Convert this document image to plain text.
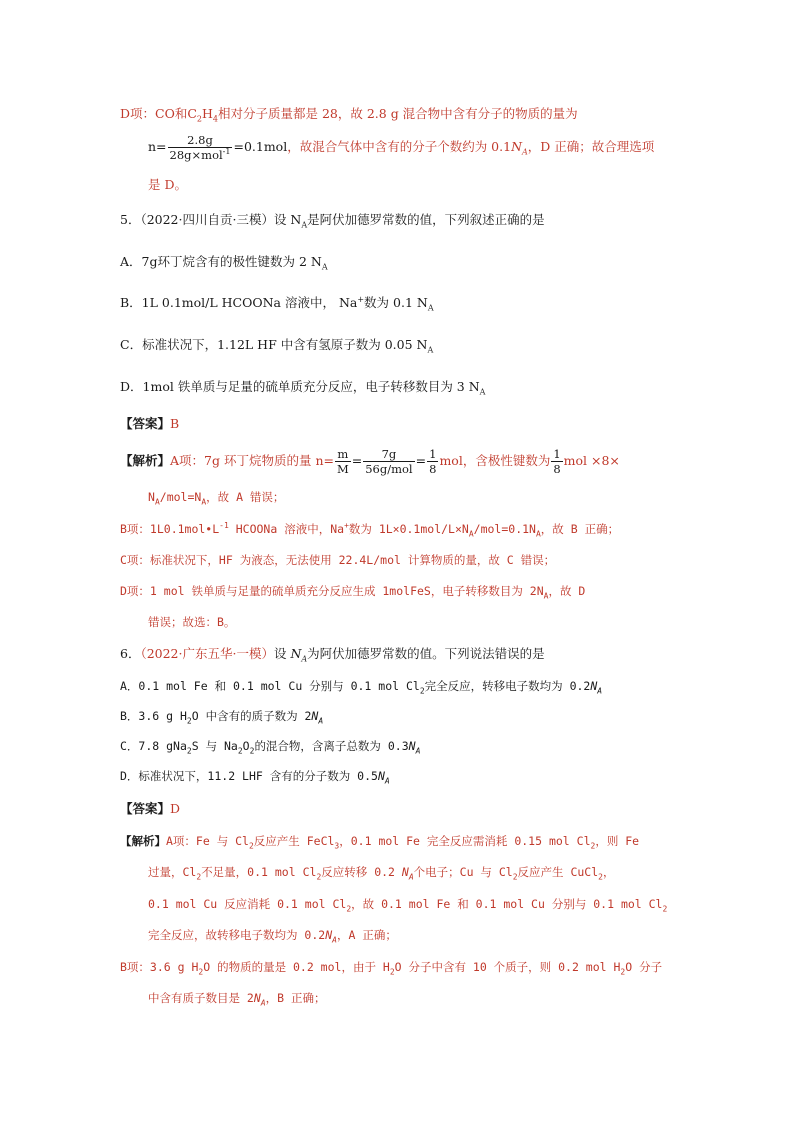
D项：CO和$C_2H_4$相对分子质量都是 28，故 2.8 g 混合物中含有分子的物质的量为
$n= \frac{2.8g}{28g\times mol^{-1}} =0.1mol$，故混合气体中含有的分子个数约为 $0.1N_A$，D 正确；故合理选项
是 D。
5．（2022·四川自贡·三模）设 $N_A$是阿伏加德罗常数的值，下列叙述正确的是
A．7g环丁烷含有的极性键数为 2 $N_A$
B．1L 0.1mol/L HCOONa 溶液中， Na+数为 0.1 $N_A$
C．标准状况下，1.12L HF 中含有氢原子数为 0.05 $N_A$
D．1mol 铁单质与足量的硫单质充分反应，电子转移数目为 3 $N_A$
【答案】B
【解析】A项：7g 环丁烷物质的量 $n= \frac{m}{M} = \frac{7g}{\text{56g/mol}} = \frac{1}{8}$ mol，含极性键数为 $\frac{1}{8}$ mol ×8×
$N_A/mol=N_A$，故 A 错误；
B项：$1L0.1mol•L^{-1}$ HCOONa 溶液中，Na+数为 $1L\times 0.1mol/L\times N_A/mol=0.1N_A$，故 B 正确；
C项：标准状况下，HF 为液态，无法使用 22.4L/mol 计算物质的量，故 C 错误；
D项：1 mol 铁单质与足量的硫单质充分反应生成 1molFeS，电子转移数目为 $2N_A$，故 D
错误；故选：B。
6．（2022·广东五华·一模）设 $N_A$为阿伏加德罗常数的值。下列说法错误的是
A．0.1 mol Fe 和 0.1 mol Cu 分别与 0.1 mol $Cl_2$完全反应，转移电子数均为 $0.2N_A$
B．3.6 g $H_2O$ 中含有的质子数为 $2N_A$
C．7.8 gNa$_2$S 与 $Na_2O_2$的混合物，含离子总数为 $0.3N_A$
D．标准状况下，11.2 LHF 含有的分子数为 $0.5N_A$
【答案】D
【解析】A项：Fe 与 $Cl_2$反应产生 FeCl$_3$，0.1 mol Fe 完全反应需消耗 0.15 mol $Cl_2$，则 Fe
过量，$Cl_2$不足量，0.1 mol $Cl_2$反应转移 0.2 $N_A$个电子；Cu 与 $Cl_2$反应产生 CuCl$_2$，
0.1 mol Cu 反应消耗 0.1 mol $Cl_2$，故 0.1 mol Fe 和 0.1 mol Cu 分别与 0.1 mol $Cl_2$
完全反应，故转移电子数均为 $0.2N_A$，A 正确；
B项：3.6 g $H_2O$ 的物质的量是 0.2 mol，由于 $H_2O$ 分子中含有 10 个质子，则 0.2 mol $H_2O$ 分子
中含有质子数目是 $2N_A$，B 正确；
